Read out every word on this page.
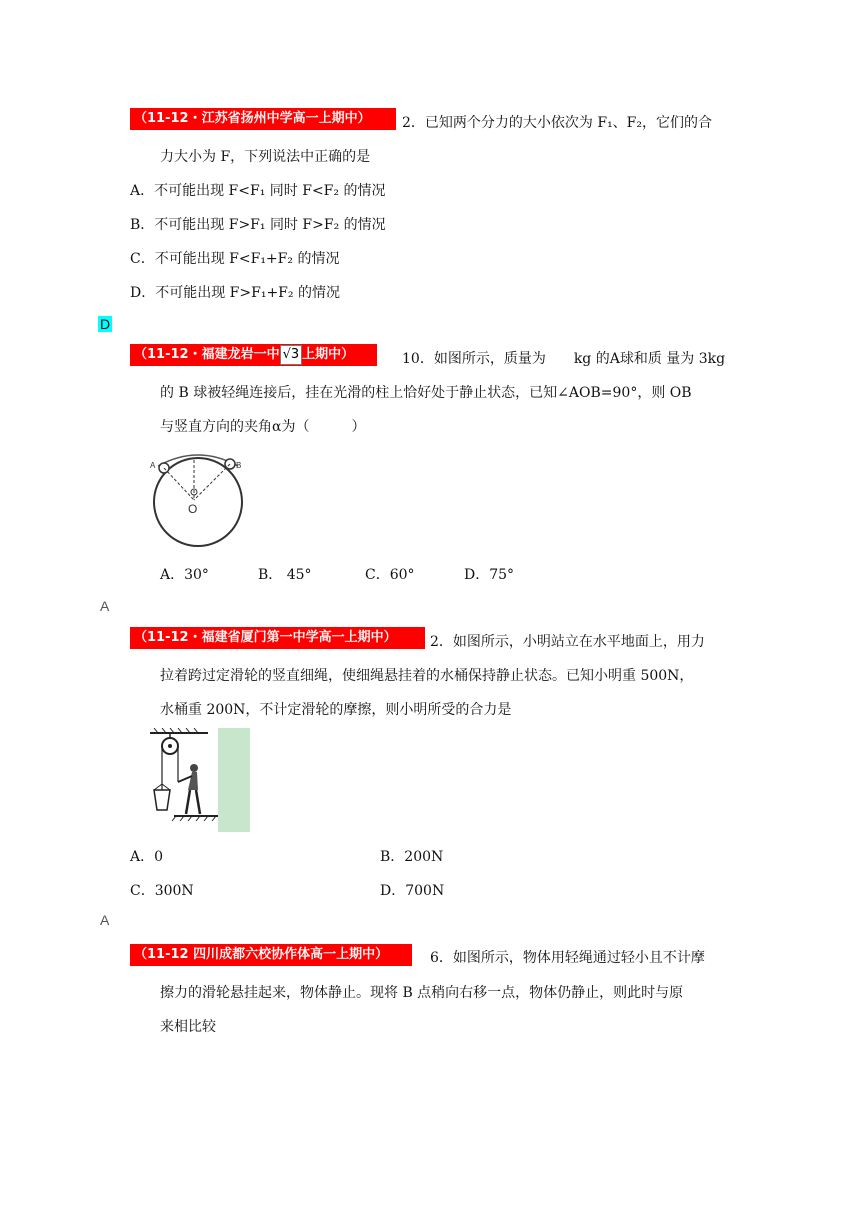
（11-12・江苏省扬州中学高一上期中）	2．已知两个分力的大小依次为 F₁、F₂，它们的合
力大小为 F，下列说法中正确的是
A．不可能出现 F<F₁ 同时 F<F₂ 的情况
B．不可能出现 F>F₁ 同时 F>F₂ 的情况
C．不可能出现 F<F₁+F₂ 的情况
D．不可能出现 F>F₁+F₂ 的情况
D
（11-12・福建龙岩一中 √3 上期中）	10．如图所示，质量为　　kg 的A球和质 量为 3kg
的 B 球被轻绳连接后，挂在光滑的柱上恰好处于静止状态，已知∠AOB=90°，则 OB
与竖直方向的夹角α为（　　　）
A	B
O
A．30°	B． 45°	C．60°	D．75°
A
（11-12・福建省厦门第一中学高一上期中）	2．如图所示，小明站立在水平地面上，用力
拉着跨过定滑轮的竖直细绳，使细绳悬挂着的水桶保持静止状态。已知小明重 500N，
水桶重 200N，不计定滑轮的摩擦，则小明所受的合力是
A．0	B．200N
C．300N	D．700N
A
（11-12 四川成都六校协作体高一上期中）	6．如图所示，物体用轻绳通过轻小且不计摩
擦力的滑轮悬挂起来，物体静止。现将 B 点稍向右移一点，物体仍静止，则此时与原
来相比较
